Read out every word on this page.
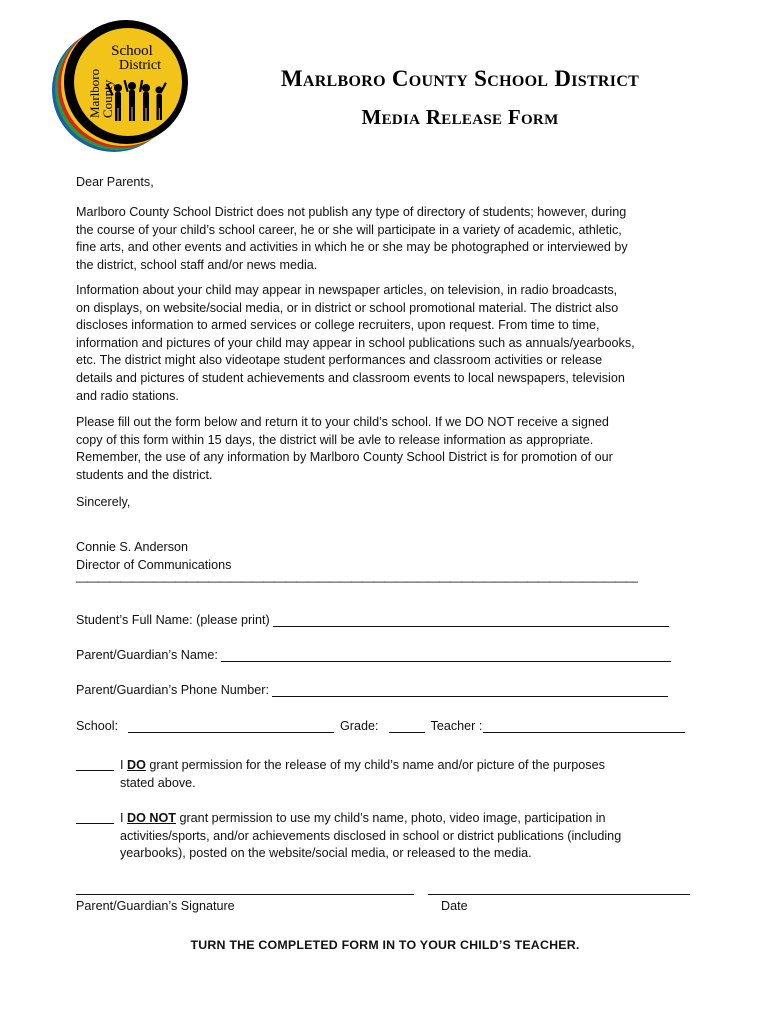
School
District
Marlboro
County
Marlboro County School District
Media Release Form
Dear Parents,
Marlboro County School District does not publish any type of directory of students; however, during
the course of your child’s school career, he or she will participate in a variety of academic, athletic,
fine arts, and other events and activities in which he or she may be photographed or interviewed by
the district, school staff and/or news media.
Information about your child may appear in newspaper articles, on television, in radio broadcasts,
on displays, on website/social media, or in district or school promotional material. The district also
discloses information to armed services or college recruiters, upon request. From time to time,
information and pictures of your child may appear in school publications such as annuals/yearbooks,
etc. The district might also videotape student performances and classroom activities or release
details and pictures of student achievements and classroom events to local newspapers, television
and radio stations.
Please fill out the form below and return it to your child’s school. If we DO NOT receive a signed
copy of this form within 15 days, the district will be avle to release information as appropriate.
Remember, the use of any information by Marlboro County School District is for promotion of our
students and the district.
Sincerely,
Connie S. Anderson
Director of Communications
———————————————————————————————————————————————————
Student’s Full Name: (please print)
Parent/Guardian’s Name:
Parent/Guardian’s Phone Number:
School:	Grade:	Teacher :
I DO grant permission for the release of my child’s name and/or picture of the purposes
stated above.
I DO NOT grant permission to use my child’s name, photo, video image, participation in
activities/sports, and/or achievements disclosed in school or district publications (including
yearbooks), posted on the website/social media, or released to the media.
Parent/Guardian’s Signature	Date
TURN THE COMPLETED FORM IN TO YOUR CHILD’S TEACHER.
